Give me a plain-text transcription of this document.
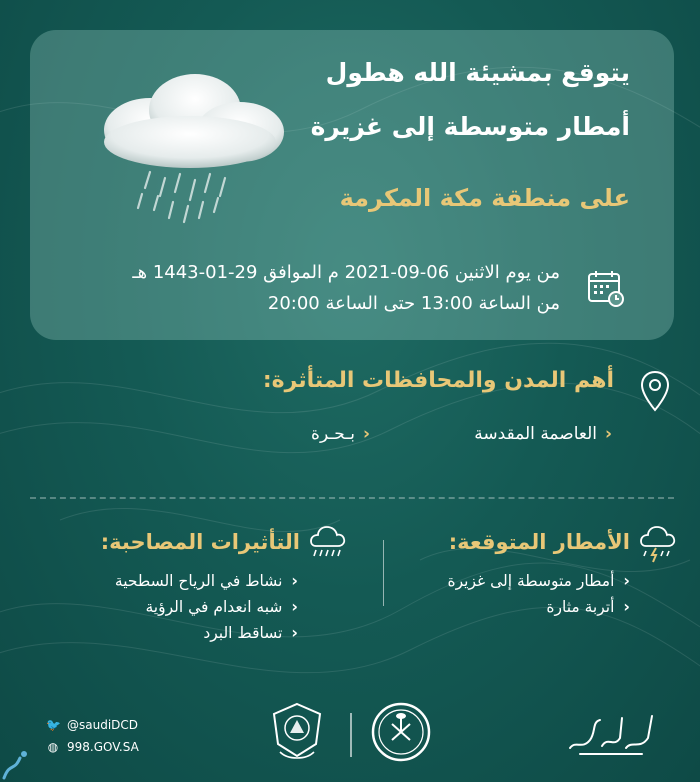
يتوقع بمشيئة الله هطول
أمطار متوسطة إلى غزيرة
على منطقة مكة المكرمة
من يوم الاثنين 06-09-2021 م الموافق 29-01-1443 هـ
من الساعة 13:00 حتى الساعة 20:00
أهم المدن والمحافظات المتأثرة:
‹العاصمة المقدسة
‹بـحـرة
الأمطار المتوقعة:
‹أمطار متوسطة إلى غزيرة
‹أتربة مثارة
التأثيرات المصاحبة:
‹نشاط في الرياح السطحية
‹شبه انعدام في الرؤية
‹تساقط البرد
🐦 @saudiDCD
◍ 998.GOV.SA
